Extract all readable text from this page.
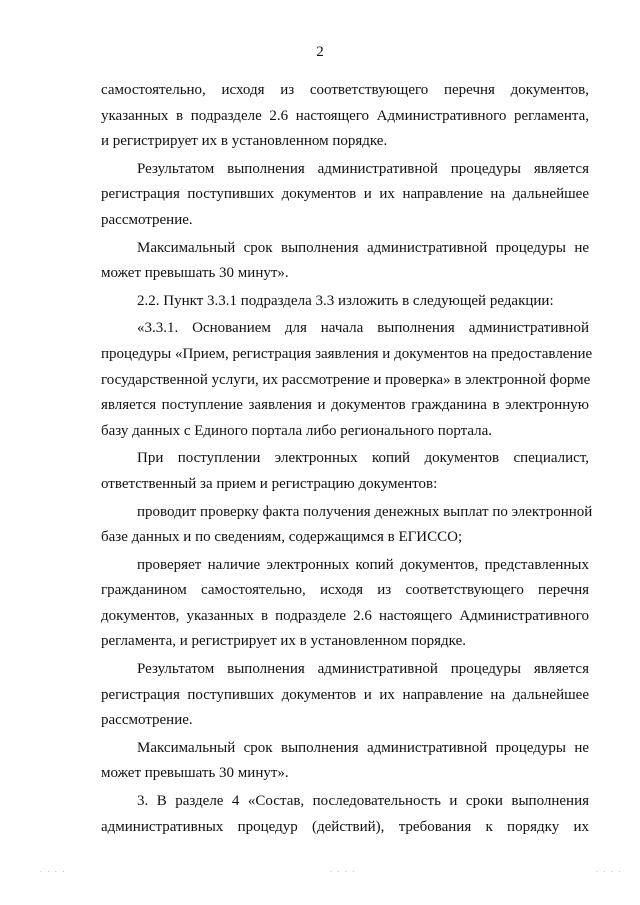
2
самостоятельно, исходя из соответствующего перечня документов,
указанных в подразделе 2.6 настоящего Административного регламента,
и регистрирует их в установленном порядке.
Результатом выполнения административной процедуры является
регистрация поступивших документов и их направление на дальнейшее
рассмотрение.
Максимальный срок выполнения административной процедуры не
может превышать 30 минут».
2.2. Пункт 3.3.1 подраздела 3.3 изложить в следующей редакции:
«3.3.1. Основанием для начала выполнения административной
процедуры «Прием, регистрация заявления и документов на предоставление
государственной услуги, их рассмотрение и проверка» в электронной форме
является поступление заявления и документов гражданина в электронную
базу данных с Единого портала либо регионального портала.
При поступлении электронных копий документов специалист,
ответственный за прием и регистрацию документов:
проводит проверку факта получения денежных выплат по электронной
базе данных и по сведениям, содержащимся в ЕГИССО;
проверяет наличие электронных копий документов, представленных
гражданином самостоятельно, исходя из соответствующего перечня
документов, указанных в подразделе 2.6 настоящего Административного
регламента, и регистрирует их в установленном порядке.
Результатом выполнения административной процедуры является
регистрация поступивших документов и их направление на дальнейшее
рассмотрение.
Максимальный срок выполнения административной процедуры не
может превышать 30 минут».
3. В разделе 4 «Состав, последовательность и сроки выполнения
административных процедур (действий), требования к порядку их
. . . .	. . . .	. . . .
